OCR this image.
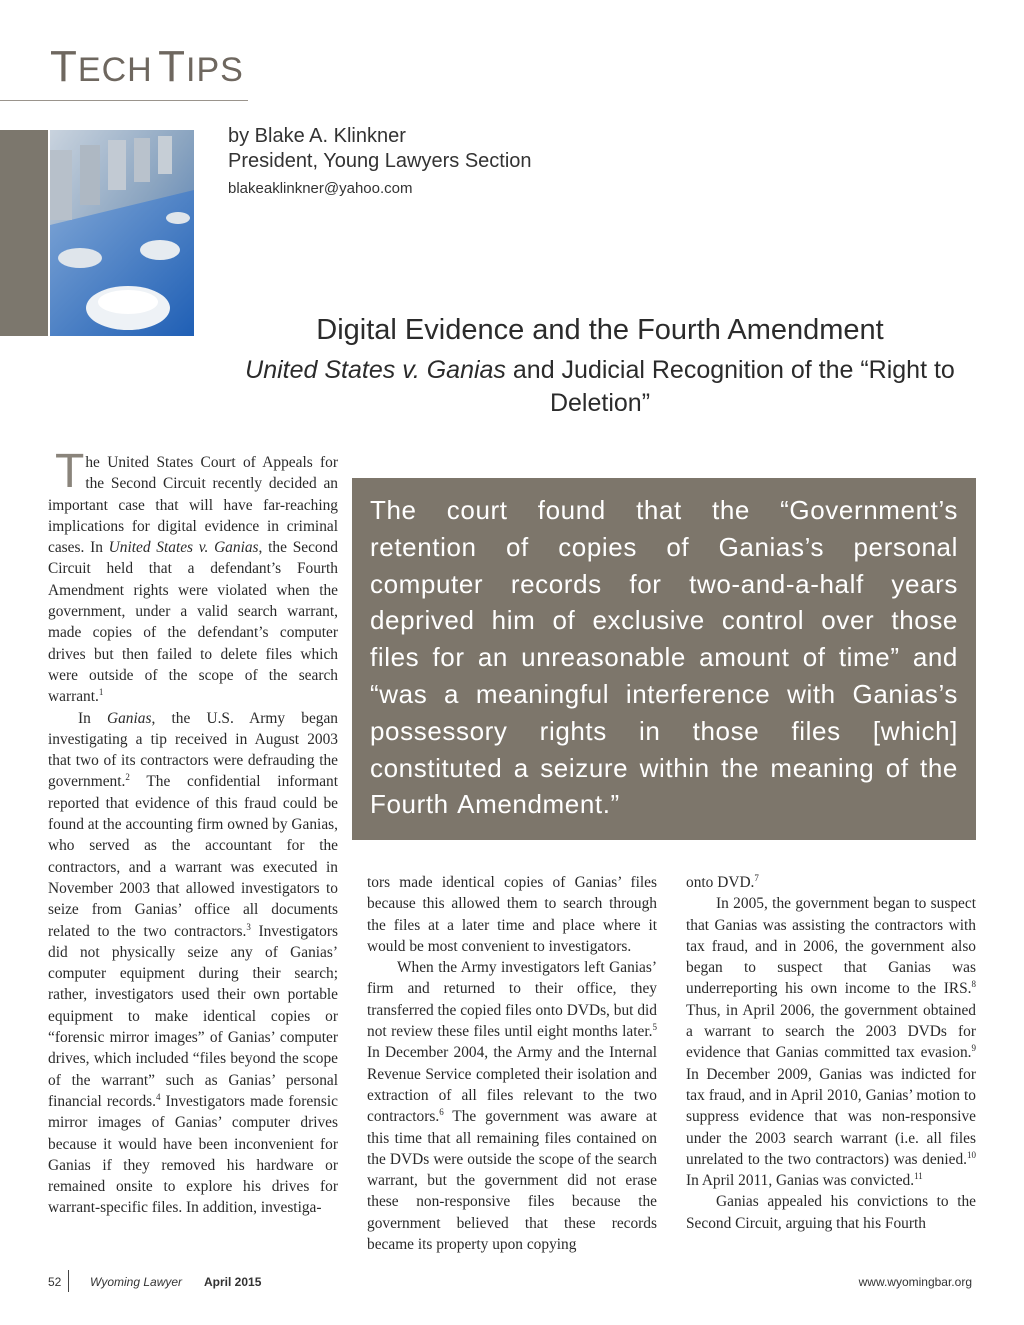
TECH TIPS
by Blake A. Klinkner
President, Young Lawyers Section
blakeaklinkner@yahoo.com
Digital Evidence and the Fourth Amendment
United States v. Ganias and Judicial Recognition of the “Right to Deletion”

The United States Court of Appeals for the Second Circuit recently decided an important case that will have far-reaching implications for digital evidence in criminal cases. In United States v. Ganias, the Second Circuit held that a defendant’s Fourth Amendment rights were violated when the government, under a valid search warrant, made copies of the defendant’s computer drives but then failed to delete files which were outside of the scope of the search warrant.$^1$

In Ganias, the U.S. Army began investigating a tip received in August 2003 that two of its contractors were defrauding the government.$^2$ The confidential informant reported that evidence of this fraud could be found at the accounting firm owned by Ganias, who served as the accountant for the contractors, and a warrant was executed in November 2003 that allowed investigators to seize from Ganias’ office all documents related to the two contractors.$^3$ Investigators did not physically seize any of Ganias’ computer equipment during their search; rather, investigators used their own portable equipment to make identical copies or “forensic mirror images” of Ganias’ computer drives, which included “files beyond the scope of the warrant” such as Ganias’ personal financial records.$^4$ Investigators made forensic mirror images of Ganias’ computer drives because it would have been inconvenient for Ganias if they removed his hardware or remained onsite to explore his drives for warrant-specific files. In addition, investiga-

The court found that the “Government’s retention of copies of Ganias’s personal computer records for two-and-a-half years deprived him of exclusive control over those files for an unreasonable amount of time” and “was a meaningful interference with Ganias’s possessory rights in those files [which] constituted a seizure within the meaning of the Fourth Amendment.”

tors made identical copies of Ganias’ files because this allowed them to search through the files at a later time and place where it would be most convenient to investigators.

When the Army investigators left Ganias’ firm and returned to their office, they transferred the copied files onto DVDs, but did not review these files until eight months later.$^5$ In December 2004, the Army and the Internal Revenue Service completed their isolation and extraction of all files relevant to the two contractors.$^6$ The government was aware at this time that all remaining files contained on the DVDs were outside the scope of the search warrant, but the government did not erase these non-responsive files because the government believed that these records became its property upon copying

onto DVD.$^7$

In 2005, the government began to suspect that Ganias was assisting the contractors with tax fraud, and in 2006, the government also began to suspect that Ganias was underreporting his own income to the IRS.$^8$ Thus, in April 2006, the government obtained a warrant to search the 2003 DVDs for evidence that Ganias committed tax evasion.$^9$ In December 2009, Ganias was indicted for tax fraud, and in April 2010, Ganias’ motion to suppress evidence that was non-responsive under the 2003 search warrant (i.e. all files unrelated to the two contractors) was denied.$^{10}$ In April 2011, Ganias was convicted.$^{11}$

Ganias appealed his convictions to the Second Circuit, arguing that his Fourth

52 Wyoming Lawyer April 2015	www.wyomingbar.org
